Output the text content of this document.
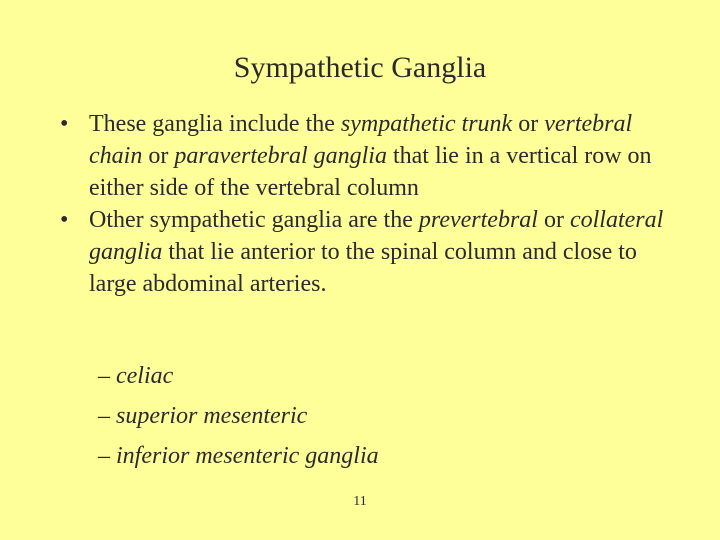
Sympathetic Ganglia
• These ganglia include the sympathetic trunk or vertebral chain or paravertebral ganglia that lie in a vertical row on either side of the vertebral column
• Other sympathetic ganglia are the prevertebral or collateral ganglia that lie anterior to the spinal column and close to large abdominal arteries.
– celiac
– superior mesenteric
– inferior mesenteric ganglia
11
